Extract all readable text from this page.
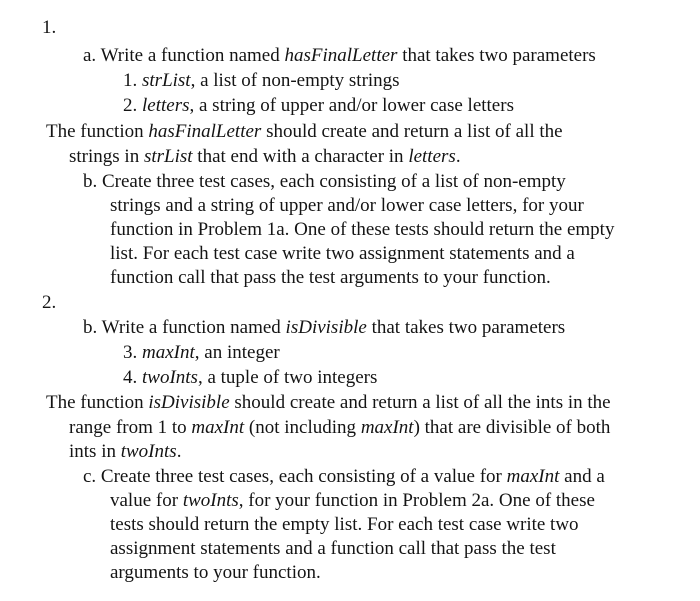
1.
a. Write a function named hasFinalLetter that takes two parameters
1. strList, a list of non-empty strings
2. letters, a string of upper and/or lower case letters
The function hasFinalLetter should create and return a list of all the
strings in strList that end with a character in letters.
b. Create three test cases, each consisting of a list of non-empty
strings and a string of upper and/or lower case letters, for your
function in Problem 1a. One of these tests should return the empty
list. For each test case write two assignment statements and a
function call that pass the test arguments to your function.
2.
b. Write a function named isDivisible that takes two parameters
3. maxInt, an integer
4. twoInts, a tuple of two integers
The function isDivisible should create and return a list of all the ints in the
range from 1 to maxInt (not including maxInt) that are divisible of both
ints in twoInts.
c. Create three test cases, each consisting of a value for maxInt and a
value for twoInts, for your function in Problem 2a. One of these
tests should return the empty list. For each test case write two
assignment statements and a function call that pass the test
arguments to your function.
